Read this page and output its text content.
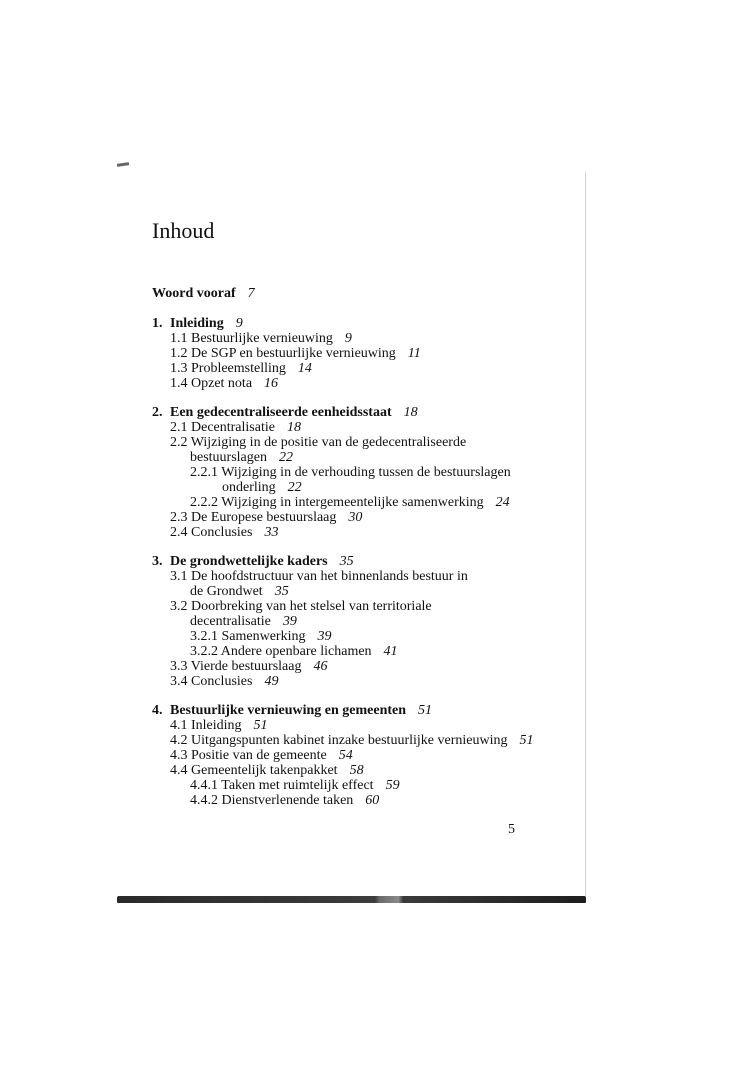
Inhoud
Woord vooraf 7
1. Inleiding 9
1.1 Bestuurlijke vernieuwing 9
1.2 De SGP en bestuurlijke vernieuwing 11
1.3 Probleemstelling 14
1.4 Opzet nota 16
2. Een gedecentraliseerde eenheidsstaat 18
2.1 Decentralisatie 18
2.2 Wijziging in de positie van de gedecentraliseerde
bestuurslagen 22
2.2.1 Wijziging in de verhouding tussen de bestuurslagen
onderling 22
2.2.2 Wijziging in intergemeentelijke samenwerking 24
2.3 De Europese bestuurslaag 30
2.4 Conclusies 33
3. De grondwettelijke kaders 35
3.1 De hoofdstructuur van het binnenlands bestuur in
de Grondwet 35
3.2 Doorbreking van het stelsel van territoriale
decentralisatie 39
3.2.1 Samenwerking 39
3.2.2 Andere openbare lichamen 41
3.3 Vierde bestuurslaag 46
3.4 Conclusies 49
4. Bestuurlijke vernieuwing en gemeenten 51
4.1 Inleiding 51
4.2 Uitgangspunten kabinet inzake bestuurlijke vernieuwing 51
4.3 Positie van de gemeente 54
4.4 Gemeentelijk takenpakket 58
4.4.1 Taken met ruimtelijk effect 59
4.4.2 Dienstverlenende taken 60
5
